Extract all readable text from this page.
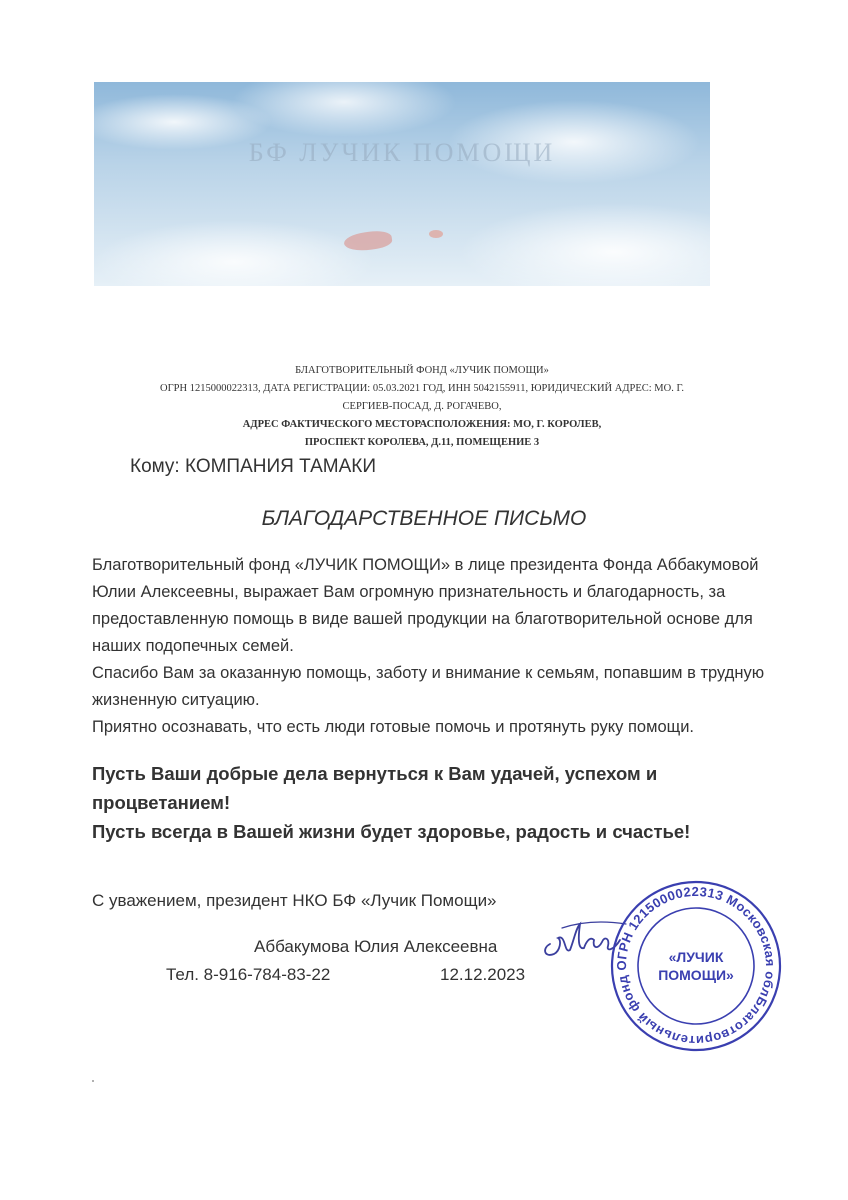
БФ ЛУЧИК ПОМОЩИ
БЛАГОТВОРИТЕЛЬНЫЙ ФОНД «ЛУЧИК ПОМОЩИ»
ОГРН 1215000022313, ДАТА РЕГИСТРАЦИИ: 05.03.2021 ГОД, ИНН 5042155911, ЮРИДИЧЕСКИЙ АДРЕС: МО. Г.
СЕРГИЕВ-ПОСАД, Д. РОГАЧЕВО,
АДРЕС ФАКТИЧЕСКОГО МЕСТОРАСПОЛОЖЕНИЯ: МО, Г. КОРОЛЕВ,
ПРОСПЕКТ КОРОЛЕВА, Д.11, ПОМЕЩЕНИЕ 3
Кому: КОМПАНИЯ ТАМАКИ
БЛАГОДАРСТВЕННОЕ ПИСЬМО

Благотворительный фонд «ЛУЧИК ПОМОЩИ» в лице президента Фонда Аббакумовой Юлии Алексеевны, выражает Вам огромную признательность и благодарность, за предоставленную помощь в виде вашей продукции на благотворительной основе для наших подопечных семей.

Спасибо Вам за оказанную помощь, заботу и внимание к семьям, попавшим в трудную жизненную ситуацию.

Приятно осознавать, что есть люди готовые помочь и протянуть руку помощи.

Пусть Ваши добрые дела вернуться к Вам удачей, успехом и процветанием!

Пусть всегда в Вашей жизни будет здоровье, радость и счастье!

С уважением, президент НКО БФ «Лучик Помощи»
Аббакумова Юлия Алексеевна
Тел. 8-916-784-83-22	12.12.2023
Благотворительный фонд ОГРН 1215000022313 Московская обл.
«ЛУЧИК
ПОМОЩИ»
